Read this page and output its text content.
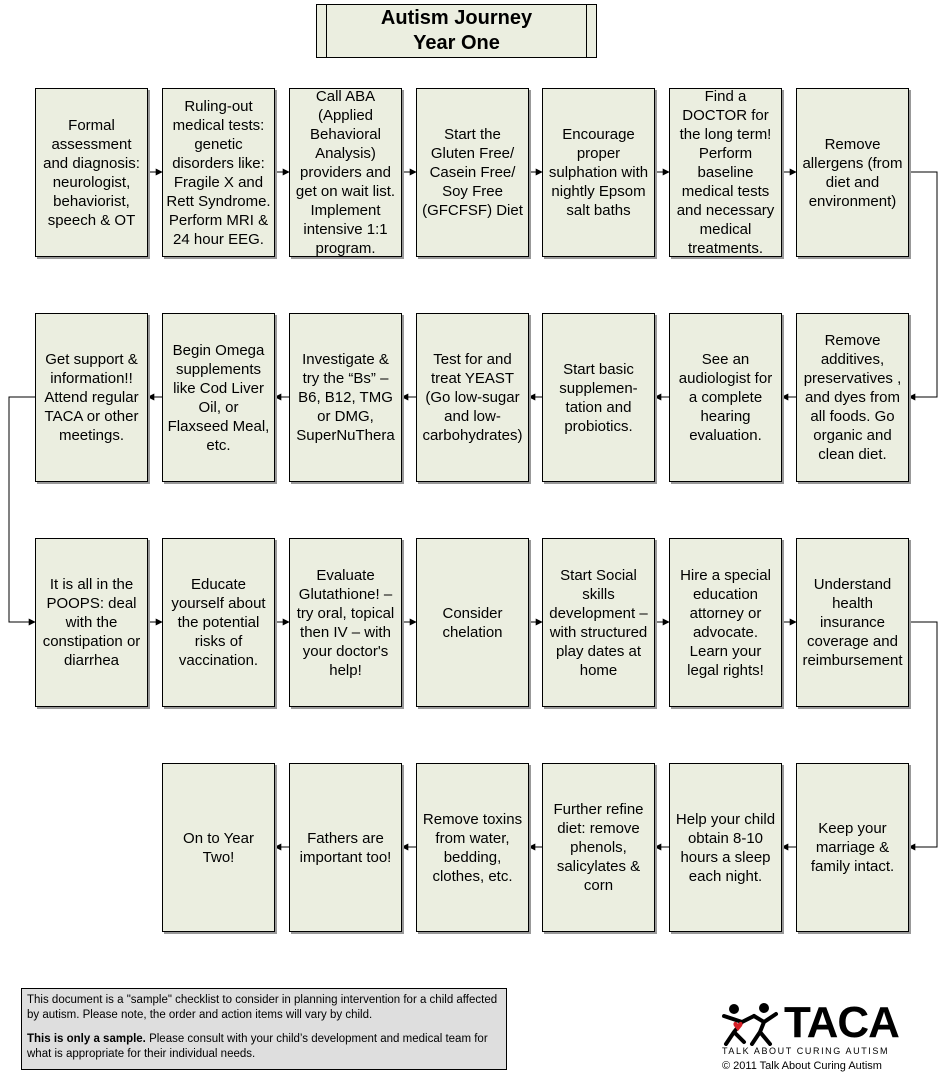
Autism Journey
Year One
Formal assessment and diagnosis: neurologist, behaviorist, speech & OT
Ruling-out medical tests: genetic disorders like: Fragile X and Rett Syndrome. Perform MRI & 24 hour EEG.
Call ABA (Applied Behavioral Analysis) providers and get on wait list. Implement intensive 1:1 program.
Start the Gluten Free/ Casein Free/ Soy Free (GFCFSF) Diet
Encourage proper sulphation with nightly Epsom salt baths
Find a DOCTOR for the long term! Perform baseline medical tests and necessary medical treatments.
Remove allergens (from diet and environment)
Remove additives, preservatives , and dyes from all foods. Go organic and clean diet.
See an audiologist for a complete hearing evaluation.
Start basic supplemen-
tation and probiotics.
Test for and treat YEAST (Go low-sugar and low-carbohydrates)
Investigate & try the “Bs” – B6, B12, TMG or DMG, SuperNuThera
Begin Omega supplements like Cod Liver Oil, or Flaxseed Meal, etc.
Get support & information!! Attend regular TACA or other meetings.
It is all in the POOPS: deal with the constipation or diarrhea
Educate yourself about the potential risks of vaccination.
Evaluate Glutathione! – try oral, topical then IV – with your doctor's help!
Consider chelation
Start Social skills development – with structured play dates at home
Hire a special education attorney or advocate. Learn your legal rights!
Understand health insurance coverage and reimbursement
Keep your marriage & family intact.
Help your child obtain 8-10 hours a sleep each night.
Further refine diet: remove phenols, salicylates & corn
Remove toxins from water, bedding, clothes, etc.
Fathers are important too!
On to Year Two!

This document is a "sample" checklist to consider in planning intervention for a child affected by autism. Please note, the order and action items will vary by child.

This is only a sample. Please consult with your child’s development and medical team for what is appropriate for their individual needs.

TACA
TALK ABOUT CURING AUTISM
© 2011 Talk About Curing Autism
